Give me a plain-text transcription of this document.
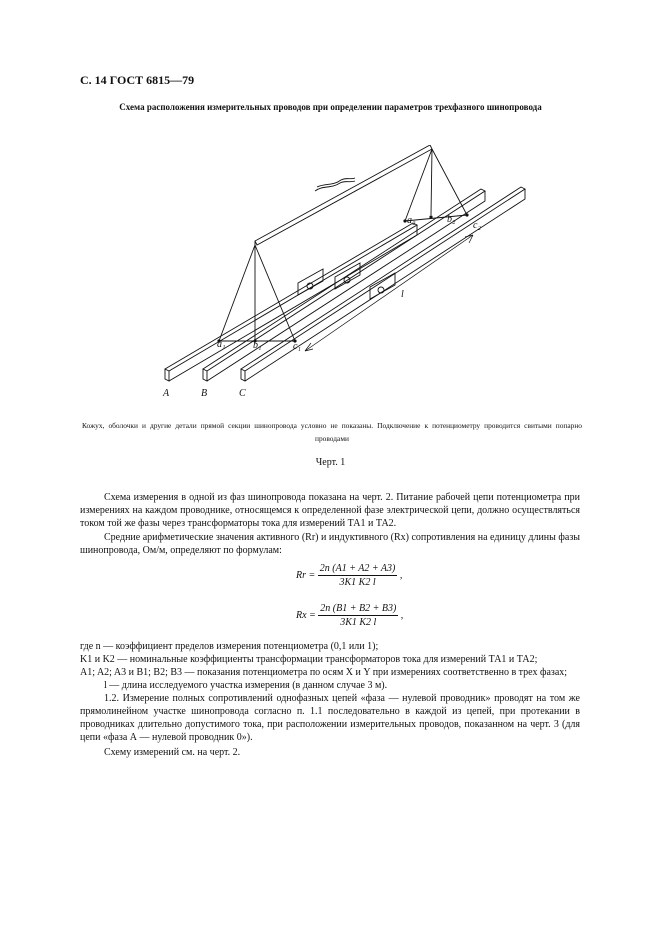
С. 14 ГОСТ 6815—79
Схема расположения измерительных проводов при определении параметров трехфазного шинопровода
A	B	C
a₁	b₁	c₁
a₂	b₂
c₂
l
Кожух, оболочки и другие детали прямой секции шинопровода условно не показаны. Подключение к потенциометру проводится свитыми попарно проводами
Черт. 1
Схема измерения в одной из фаз шинопровода показана на черт. 2. Питание рабочей цепи потенциометра при измерениях на каждом проводнике, относящемся к определенной фазе электрической цепи, должно осуществляться током той же фазы через трансформаторы тока для измерений ТА1 и ТА2.
Средние арифметические значения активного (Rr) и индуктивного (Rx) сопротивления на единицу длины фазы шинопровода, Ом/м, определяют по формулам:
$Rr = \frac{2n (A1 + A2 + A3)}{3K1 K2 l}$ ,
$Rx = \frac{2n (B1 + B2 + B3)}{3K1 K2 l}$ ,
где n — коэффициент пределов измерения потенциометра (0,1 или 1);
K1 и K2 — номинальные коэффициенты трансформации трансформаторов тока для измерений ТА1 и ТА2;
A1; A2; A3 и B1; B2; B3 — показания потенциометра по осям X и Y при измерениях соответственно в трех фазах;
l — длина исследуемого участка измерения (в данном случае 3 м).
1.2. Измерение полных сопротивлений однофазных цепей «фаза — нулевой проводник» проводят на том же прямолинейном участке шинопровода согласно п. 1.1 последовательно в каждой из цепей, при протекании в проводниках длительно допустимого тока, при расположении измерительных проводов, показанном на черт. 3 (для цепи «фаза А — нулевой проводник 0»).
Схему измерений см. на черт. 2.
